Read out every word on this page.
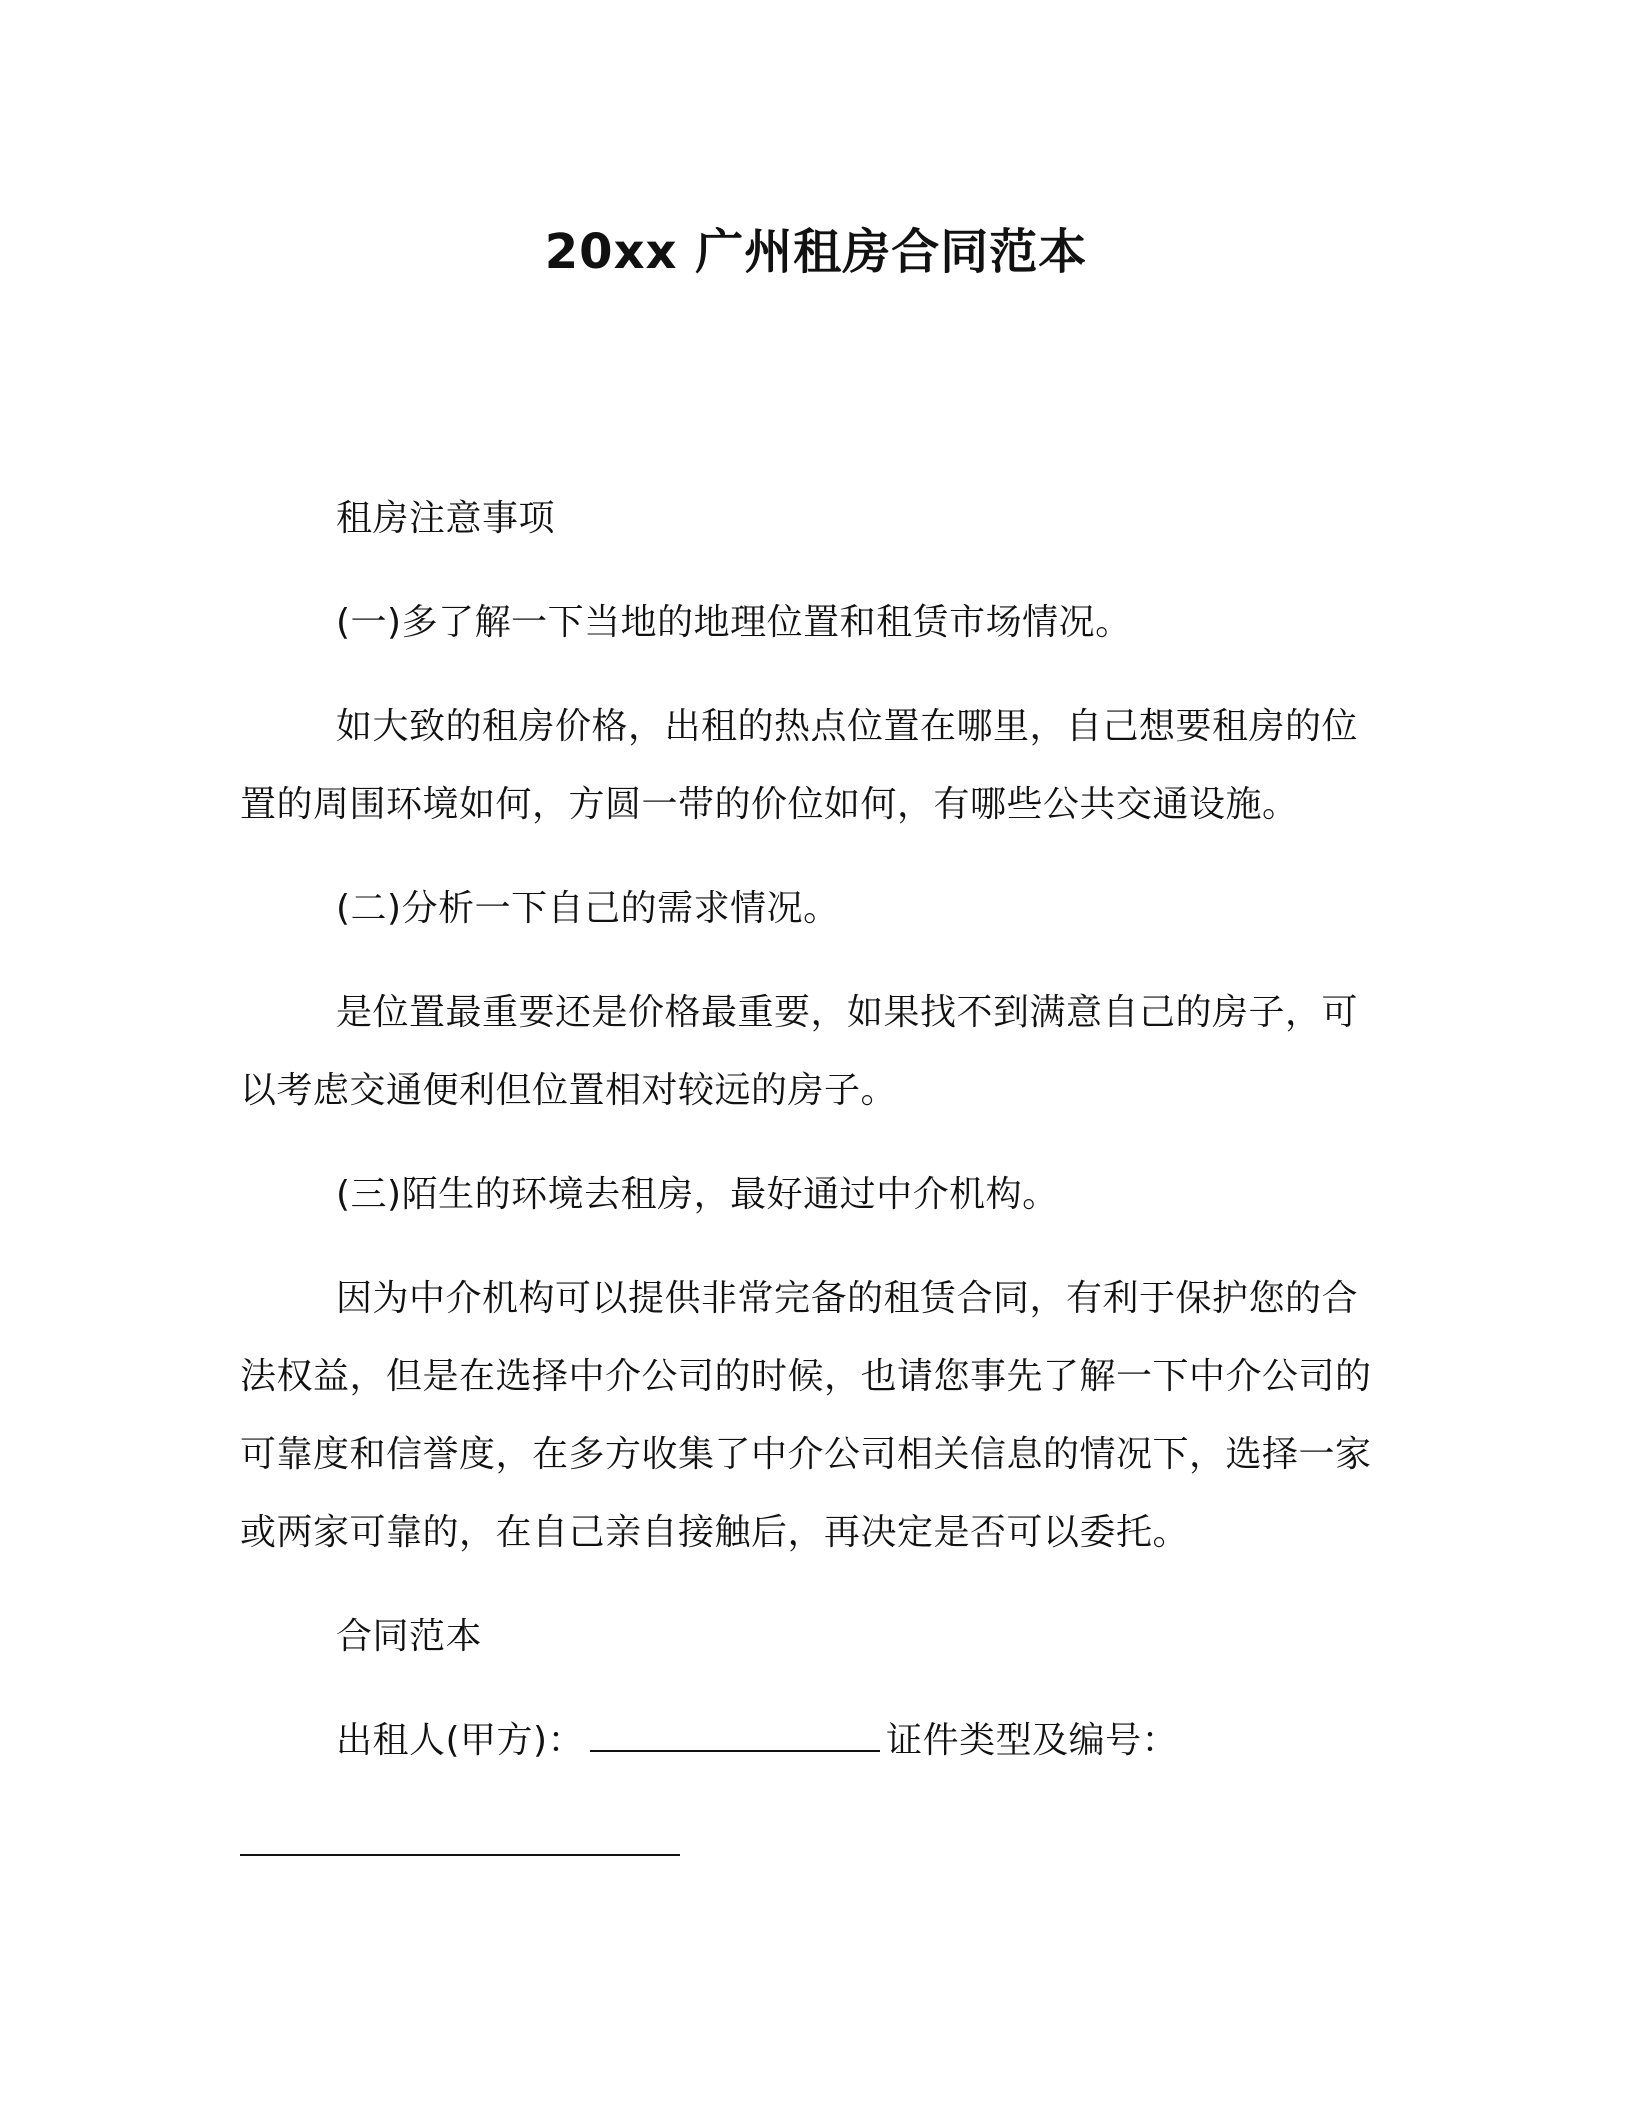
20xx 广州租房合同范本

租房注意事项

(一)多了解一下当地的地理位置和租赁市场情况。

如大致的租房价格，出租的热点位置在哪里，自己想要租房的位置的周围环境如何，方圆一带的价位如何，有哪些公共交通设施。

(二)分析一下自己的需求情况。

是位置最重要还是价格最重要，如果找不到满意自己的房子，可以考虑交通便利但位置相对较远的房子。

(三)陌生的环境去租房，最好通过中介机构。

因为中介机构可以提供非常完备的租赁合同，有利于保护您的合法权益，但是在选择中介公司的时候，也请您事先了解一下中介公司的可靠度和信誉度，在多方收集了中介公司相关信息的情况下，选择一家或两家可靠的，在自己亲自接触后，再决定是否可以委托。

合同范本

出租人(甲方)：	证件类型及编号：
